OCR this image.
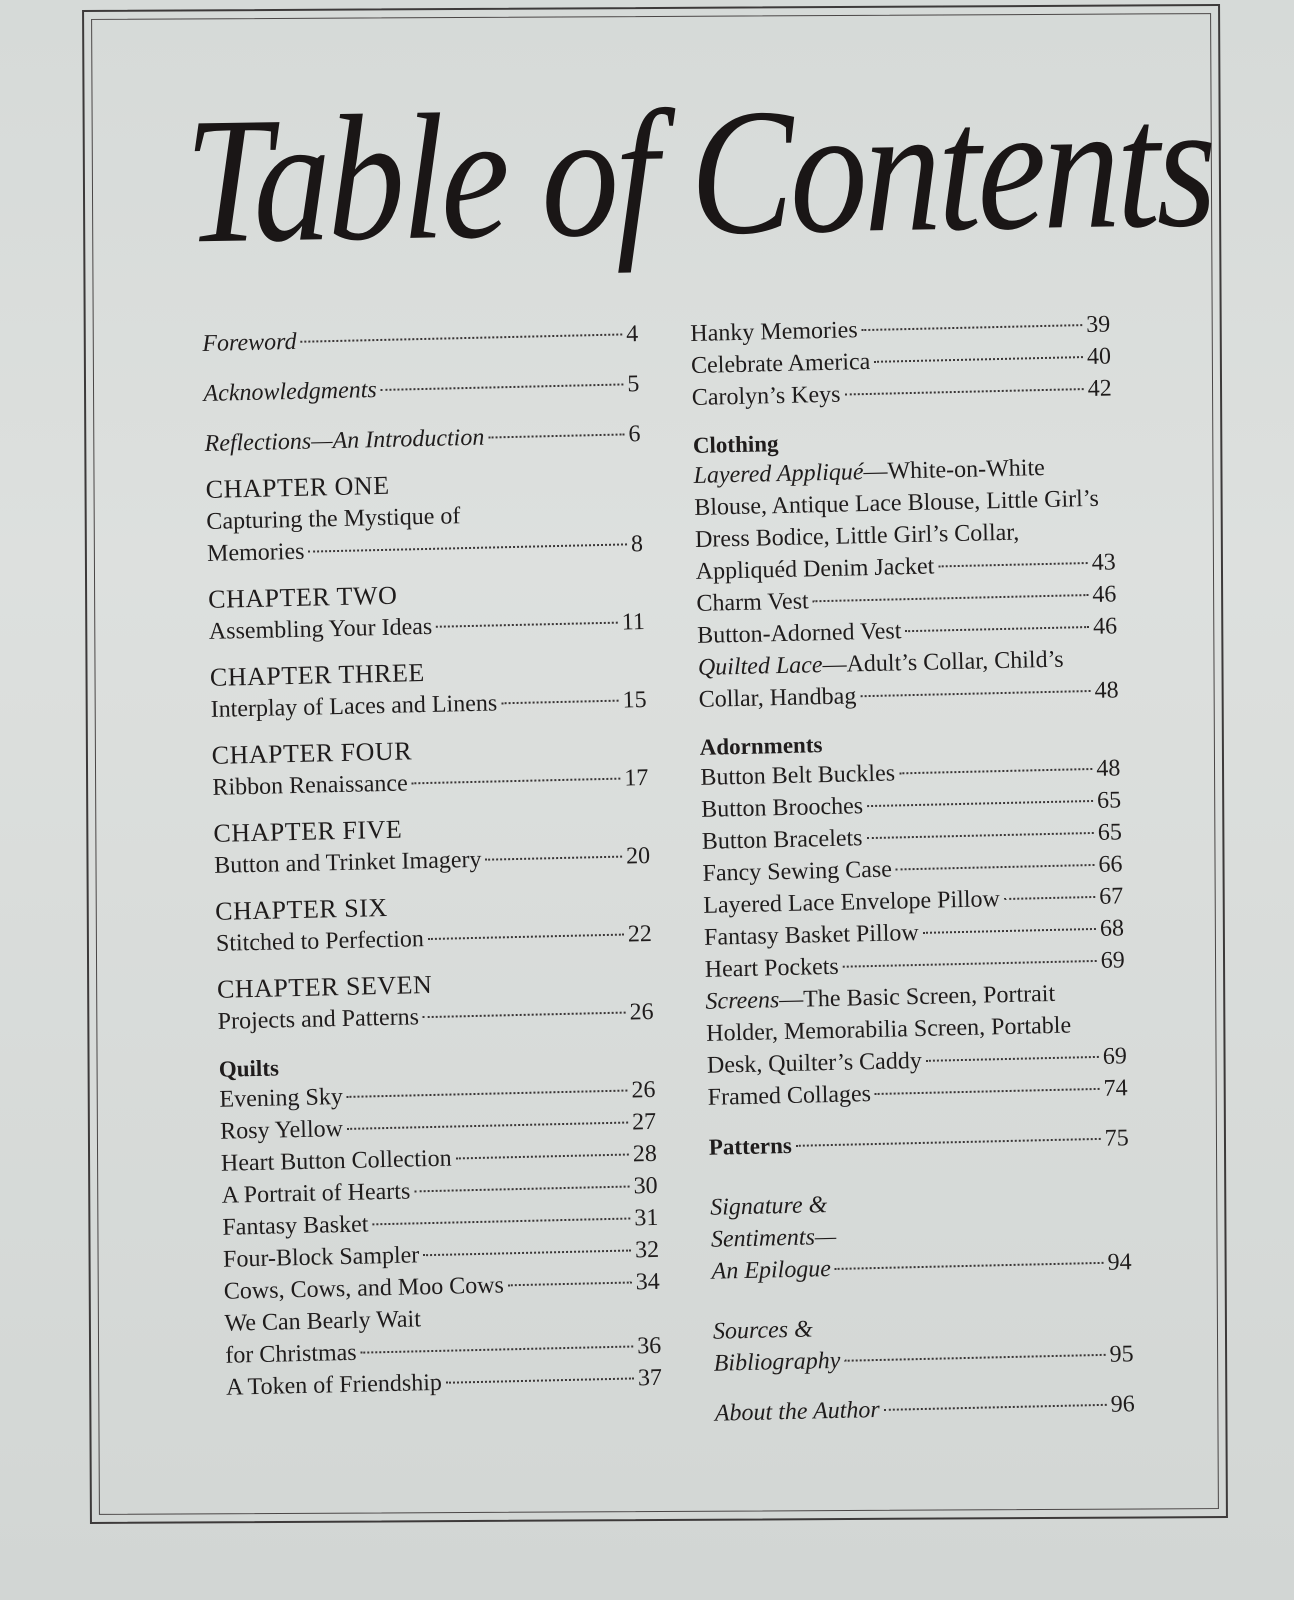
Table of Contents
Foreword	4
Acknowledgments	5
Reflections—An Introduction	6
CHAPTER ONE
Capturing the Mystique of
Memories	8
CHAPTER TWO
Assembling Your Ideas	11
CHAPTER THREE
Interplay of Laces and Linens	15
CHAPTER FOUR
Ribbon Renaissance	17
CHAPTER FIVE
Button and Trinket Imagery	20
CHAPTER SIX
Stitched to Perfection	22
CHAPTER SEVEN
Projects and Patterns	26
Quilts
Evening Sky	26
Rosy Yellow	27
Heart Button Collection	28
A Portrait of Hearts	30
Fantasy Basket	31
Four-Block Sampler	32
Cows, Cows, and Moo Cows	34
We Can Bearly Wait
for Christmas	36
A Token of Friendship	37
Hanky Memories	39
Celebrate America	40
Carolyn’s Keys	42
Clothing
Layered Appliqué—White-on-White
Blouse, Antique Lace Blouse, Little Girl’s
Dress Bodice, Little Girl’s Collar,
Appliquéd Denim Jacket	43
Charm Vest	46
Button-Adorned Vest	46
Quilted Lace—Adult’s Collar, Child’s
Collar, Handbag	48
Adornments
Button Belt Buckles	48
Button Brooches	65
Button Bracelets	65
Fancy Sewing Case	66
Layered Lace Envelope Pillow	67
Fantasy Basket Pillow	68
Heart Pockets	69
Screens—The Basic Screen, Portrait
Holder, Memorabilia Screen, Portable
Desk, Quilter’s Caddy	69
Framed Collages	74
Patterns	75
Signature &
Sentiments—
An Epilogue	94
Sources &
Bibliography	95
About the Author	96
